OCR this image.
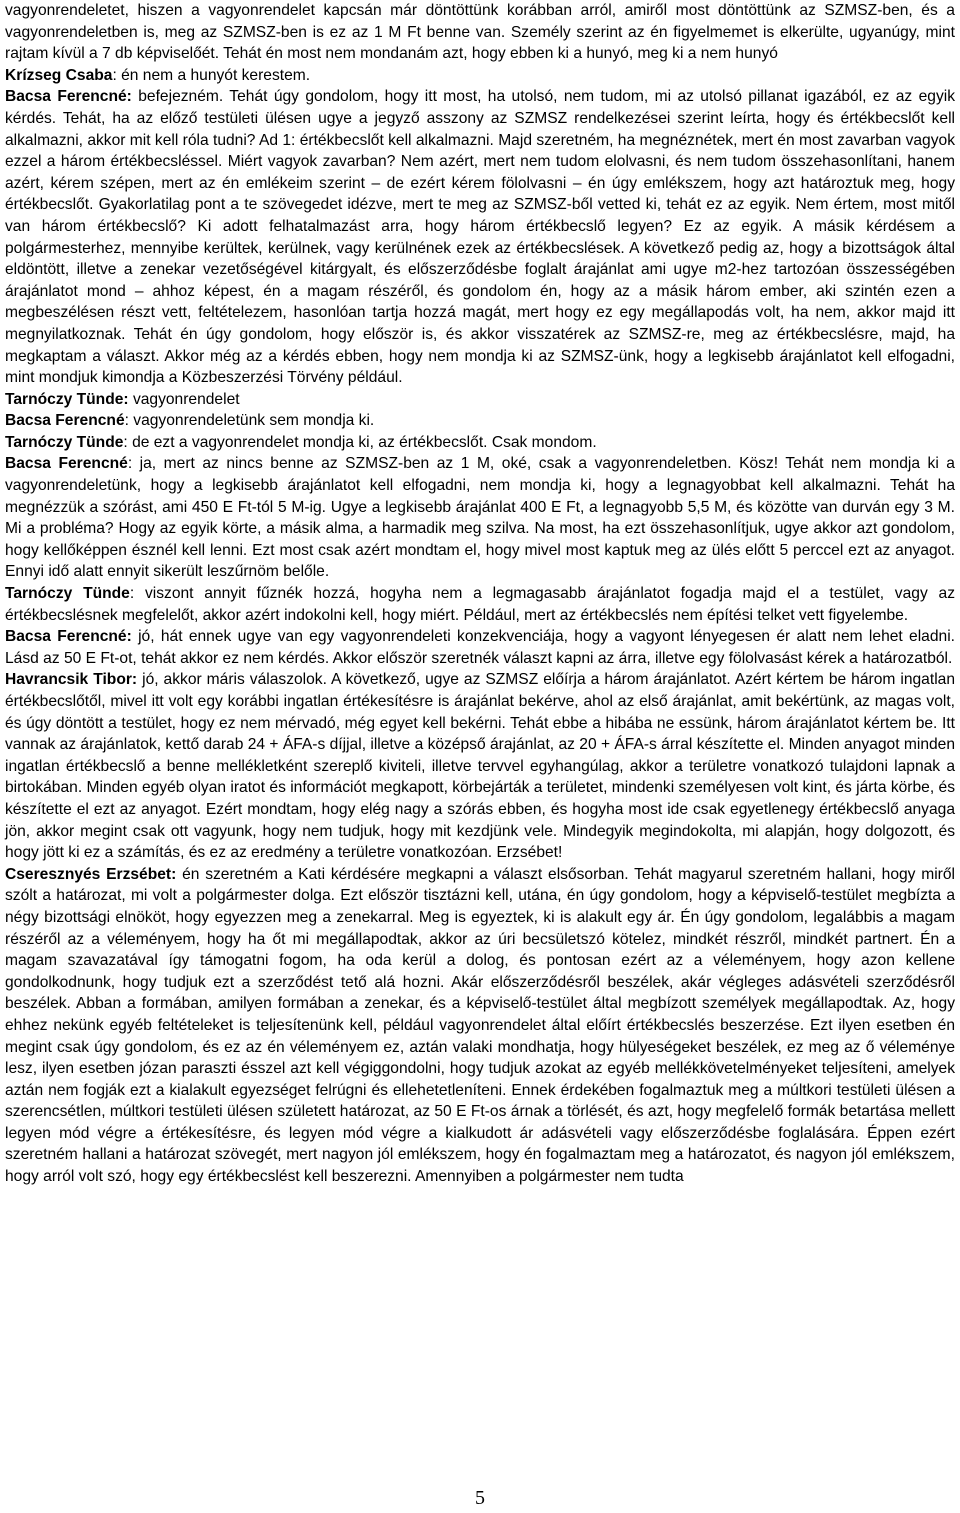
vagyonrendeletet, hiszen a vagyonrendelet kapcsán már döntöttünk korábban arról, amiről most döntöttünk az SZMSZ-ben, és a vagyonrendeletben is, meg az SZMSZ-ben is ez az 1 M Ft benne van. Személy szerint az én figyelmemet is elkerülte, ugyanúgy, mint rajtam kívül a 7 db képviselőét. Tehát én most nem mondanám azt, hogy ebben ki a hunyó, meg ki a nem hunyó

Krízseg Csaba: én nem a hunyót kerestem.

Bacsa Ferencné: befejezném. Tehát úgy gondolom, hogy itt most, ha utolsó, nem tudom, mi az utolsó pillanat igazából, ez az egyik kérdés. Tehát, ha az előző testületi ülésen ugye a jegyző asszony az SZMSZ rendelkezései szerint leírta, hogy és értékbecslőt kell alkalmazni, akkor mit kell róla tudni? Ad 1: értékbecslőt kell alkalmazni. Majd szeretném, ha megnéznétek, mert én most zavarban vagyok ezzel a három értékbecsléssel. Miért vagyok zavarban? Nem azért, mert nem tudom elolvasni, és nem tudom összehasonlítani, hanem azért, kérem szépen, mert az én emlékeim szerint – de ezért kérem fölolvasni – én úgy emlékszem, hogy azt határoztuk meg, hogy értékbecslőt. Gyakorlatilag pont a te szövegedet idézve, mert te meg az SZMSZ-ből vetted ki, tehát ez az egyik. Nem értem, most mitől van három értékbecslő? Ki adott felhatalmazást arra, hogy három értékbecslő legyen? Ez az egyik. A másik kérdésem a polgármesterhez, mennyibe kerültek, kerülnek, vagy kerülnének ezek az értékbecslések. A következő pedig az, hogy a bizottságok által eldöntött, illetve a zenekar vezetőségével kitárgyalt, és előszerződésbe foglalt árajánlat ami ugye m2-hez tartozóan összességében árajánlatot mond – ahhoz képest, én a magam részéről, és gondolom én, hogy az a másik három ember, aki szintén ezen a megbeszélésen részt vett, feltételezem, hasonlóan tartja hozzá magát, mert hogy ez egy megállapodás volt, ha nem, akkor majd itt megnyilatkoznak. Tehát én úgy gondolom, hogy először is, és akkor visszatérek az SZMSZ-re, meg az értékbecslésre, majd, ha megkaptam a választ. Akkor még az a kérdés ebben, hogy nem mondja ki az SZMSZ-ünk, hogy a legkisebb árajánlatot kell elfogadni, mint mondjuk kimondja a Közbeszerzési Törvény például.

Tarnóczy Tünde: vagyonrendelet

Bacsa Ferencné: vagyonrendeletünk sem mondja ki.

Tarnóczy Tünde: de ezt a vagyonrendelet mondja ki, az értékbecslőt. Csak mondom.

Bacsa Ferencné: ja, mert az nincs benne az SZMSZ-ben az 1 M, oké, csak a vagyonrendeletben. Kösz! Tehát nem mondja ki a vagyonrendeletünk, hogy a legkisebb árajánlatot kell elfogadni, nem mondja ki, hogy a legnagyobbat kell alkalmazni. Tehát ha megnézzük a szórást, ami 450 E Ft-tól 5 M-ig. Ugye a legkisebb árajánlat 400 E Ft, a legnagyobb 5,5 M, és közötte van durván egy 3 M. Mi a probléma? Hogy az egyik körte, a másik alma, a harmadik meg szilva. Na most, ha ezt összehasonlítjuk, ugye akkor azt gondolom, hogy kellőképpen észnél kell lenni. Ezt most csak azért mondtam el, hogy mivel most kaptuk meg az ülés előtt 5 perccel ezt az anyagot. Ennyi idő alatt ennyit sikerült leszűrnöm belőle.

Tarnóczy Tünde: viszont annyit fűznék hozzá, hogyha nem a legmagasabb árajánlatot fogadja majd el a testület, vagy az értékbecslésnek megfelelőt, akkor azért indokolni kell, hogy miért. Például, mert az értékbecslés nem építési telket vett figyelembe.

Bacsa Ferencné: jó, hát ennek ugye van egy vagyonrendeleti konzekvenciája, hogy a vagyont lényegesen ér alatt nem lehet eladni. Lásd az 50 E Ft-ot, tehát akkor ez nem kérdés. Akkor először szeretnék választ kapni az árra, illetve egy fölolvasást kérek a határozatból.

Havrancsik Tibor: jó, akkor máris válaszolok. A következő, ugye az SZMSZ előírja a három árajánlatot. Azért kértem be három ingatlan értékbecslőtől, mivel itt volt egy korábbi ingatlan értékesítésre is árajánlat bekérve, ahol az első árajánlat, amit bekértünk, az magas volt, és úgy döntött a testület, hogy ez nem mérvadó, még egyet kell bekérni. Tehát ebbe a hibába ne essünk, három árajánlatot kértem be. Itt vannak az árajánlatok, kettő darab 24 + ÁFA-s díjjal, illetve a középső árajánlat, az 20 + ÁFA-s árral készítette el. Minden anyagot minden ingatlan értékbecslő a benne mellékletként szereplő kiviteli, illetve tervvel egyhangúlag, akkor a területre vonatkozó tulajdoni lapnak a birtokában. Minden egyéb olyan iratot és információt megkapott, körbejárták a területet, mindenki személyesen volt kint, és járta körbe, és készítette el ezt az anyagot. Ezért mondtam, hogy elég nagy a szórás ebben, és hogyha most ide csak egyetlenegy értékbecslő anyaga jön, akkor megint csak ott vagyunk, hogy nem tudjuk, hogy mit kezdjünk vele. Mindegyik megindokolta, mi alapján, hogy dolgozott, és hogy jött ki ez a számítás, és ez az eredmény a területre vonatkozóan. Erzsébet!

Cseresznyés Erzsébet: én szeretném a Kati kérdésére megkapni a választ elsősorban. Tehát magyarul szeretném hallani, hogy miről szólt a határozat, mi volt a polgármester dolga. Ezt először tisztázni kell, utána, én úgy gondolom, hogy a képviselő-testület megbízta a négy bizottsági elnököt, hogy egyezzen meg a zenekarral. Meg is egyeztek, ki is alakult egy ár. Én úgy gondolom, legalábbis a magam részéről az a véleményem, hogy ha őt mi megállapodtak, akkor az úri becsületszó kötelez, mindkét részről, mindkét partnert. Én a magam szavazatával így támogatni fogom, ha oda kerül a dolog, és pontosan ezért az a véleményem, hogy azon kellene gondolkodnunk, hogy tudjuk ezt a szerződést tető alá hozni. Akár előszerződésről beszélek, akár végleges adásvételi szerződésről beszélek. Abban a formában, amilyen formában a zenekar, és a képviselő-testület által megbízott személyek megállapodtak. Az, hogy ehhez nekünk egyéb feltételeket is teljesítenünk kell, például vagyonrendelet által előírt értékbecslés beszerzése. Ezt ilyen esetben én megint csak úgy gondolom, és ez az én véleményem ez, aztán valaki mondhatja, hogy hülyeségeket beszélek, ez meg az ő véleménye lesz, ilyen esetben józan paraszti ésszel azt kell végiggondolni, hogy tudjuk azokat az egyéb mellékkövetelményeket teljesíteni, amelyek aztán nem fogják ezt a kialakult egyezséget felrúgni és ellehetetleníteni. Ennek érdekében fogalmaztuk meg a múltkori testületi ülésen a szerencsétlen, múltkori testületi ülésen született határozat, az 50 E Ft-os árnak a törlését, és azt, hogy megfelelő formák betartása mellett legyen mód végre a értékesítésre, és legyen mód végre a kialkudott ár adásvételi vagy előszerződésbe foglalására. Éppen ezért szeretném hallani a határozat szövegét, mert nagyon jól emlékszem, hogy én fogalmaztam meg a határozatot, és nagyon jól emlékszem, hogy arról volt szó, hogy egy értékbecslést kell beszerezni. Amennyiben a polgármester nem tudta

5
